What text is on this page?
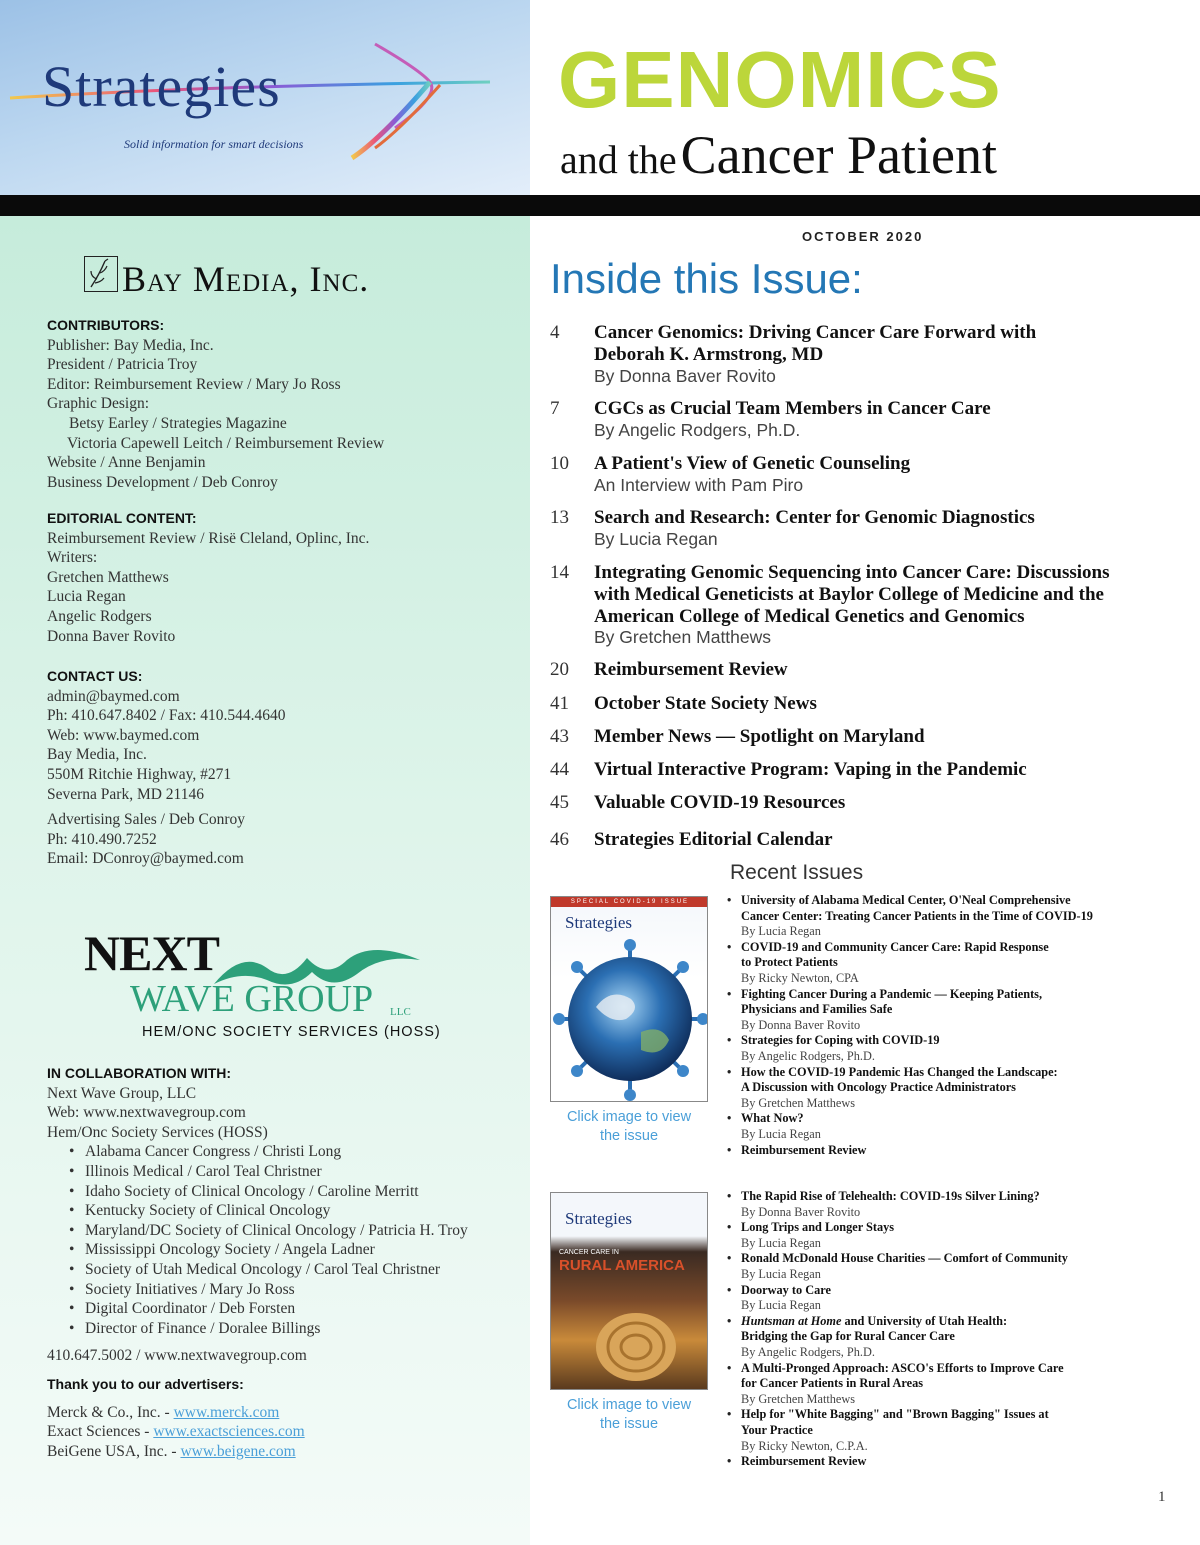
Strategies
Solid information for smart decisions
GENOMICS
and the Cancer Patient
Bay Media, Inc.
CONTRIBUTORS:
Publisher: Bay Media, Inc.
President / Patricia Troy
Editor: Reimbursement Review / Mary Jo Ross
Graphic Design:
Betsy Earley / Strategies Magazine
Victoria Capewell Leitch / Reimbursement Review
Website / Anne Benjamin
Business Development / Deb Conroy
EDITORIAL CONTENT:
Reimbursement Review / Risë Cleland, Oplinc, Inc.
Writers:
Gretchen Matthews
Lucia Regan
Angelic Rodgers
Donna Baver Rovito
CONTACT US:
admin@baymed.com
Ph: 410.647.8402 / Fax: 410.544.4640
Web: www.baymed.com
Bay Media, Inc.
550M Ritchie Highway, #271
Severna Park, MD 21146
Advertising Sales / Deb Conroy
Ph: 410.490.7252
Email: DConroy@baymed.com
NEXT
WAVE GROUP LLC
HEM/ONC SOCIETY SERVICES (HOSS)
IN COLLABORATION WITH:
Next Wave Group, LLC
Web: www.nextwavegroup.com
Hem/Onc Society Services (HOSS)
• Alabama Cancer Congress / Christi Long
• Illinois Medical / Carol Teal Christner
• Idaho Society of Clinical Oncology / Caroline Merritt
• Kentucky Society of Clinical Oncology
• Maryland/DC Society of Clinical Oncology / Patricia H. Troy
• Mississippi Oncology Society / Angela Ladner
• Society of Utah Medical Oncology / Carol Teal Christner
• Society Initiatives / Mary Jo Ross
• Digital Coordinator / Deb Forsten
• Director of Finance / Doralee Billings
410.647.5002 / www.nextwavegroup.com
Thank you to our advertisers:
Merck & Co., Inc. - www.merck.com
Exact Sciences - www.exactsciences.com
BeiGene USA, Inc. - www.beigene.com
OCTOBER 2020
Inside this Issue:
4 Cancer Genomics: Driving Cancer Care Forward with
Deborah K. Armstrong, MD
By Donna Baver Rovito
7 CGCs as Crucial Team Members in Cancer Care
By Angelic Rodgers, Ph.D.
10 A Patient's View of Genetic Counseling
An Interview with Pam Piro
13 Search and Research: Center for Genomic Diagnostics
By Lucia Regan
14 Integrating Genomic Sequencing into Cancer Care: Discussions
with Medical Geneticists at Baylor College of Medicine and the
American College of Medical Genetics and Genomics
By Gretchen Matthews
20 Reimbursement Review
41 October State Society News
43 Member News — Spotlight on Maryland
44 Virtual Interactive Program: Vaping in the Pandemic
45 Valuable COVID-19 Resources
46 Strategies Editorial Calendar
Recent Issues
SPECIAL COVID-19 ISSUE
Strategies
Click image to view
the issue
• University of Alabama Medical Center, O'Neal Comprehensive
Cancer Center: Treating Cancer Patients in the Time of COVID-19
By Lucia Regan
• COVID-19 and Community Cancer Care: Rapid Response
to Protect Patients
By Ricky Newton, CPA
• Fighting Cancer During a Pandemic — Keeping Patients,
Physicians and Families Safe
By Donna Baver Rovito
• Strategies for Coping with COVID-19
By Angelic Rodgers, Ph.D.
• How the COVID-19 Pandemic Has Changed the Landscape:
A Discussion with Oncology Practice Administrators
By Gretchen Matthews
• What Now?
By Lucia Regan
• Reimbursement Review
Strategies
CANCER CARE IN
RURAL AMERICA
Click image to view
the issue
• The Rapid Rise of Telehealth: COVID-19s Silver Lining?
By Donna Baver Rovito
• Long Trips and Longer Stays
By Lucia Regan
• Ronald McDonald House Charities — Comfort of Community
By Lucia Regan
• Doorway to Care
By Lucia Regan
• Huntsman at Home and University of Utah Health:
Bridging the Gap for Rural Cancer Care
By Angelic Rodgers, Ph.D.
• A Multi-Pronged Approach: ASCO's Efforts to Improve Care
for Cancer Patients in Rural Areas
By Gretchen Matthews
• Help for "White Bagging" and "Brown Bagging" Issues at
Your Practice
By Ricky Newton, C.P.A.
• Reimbursement Review
1
